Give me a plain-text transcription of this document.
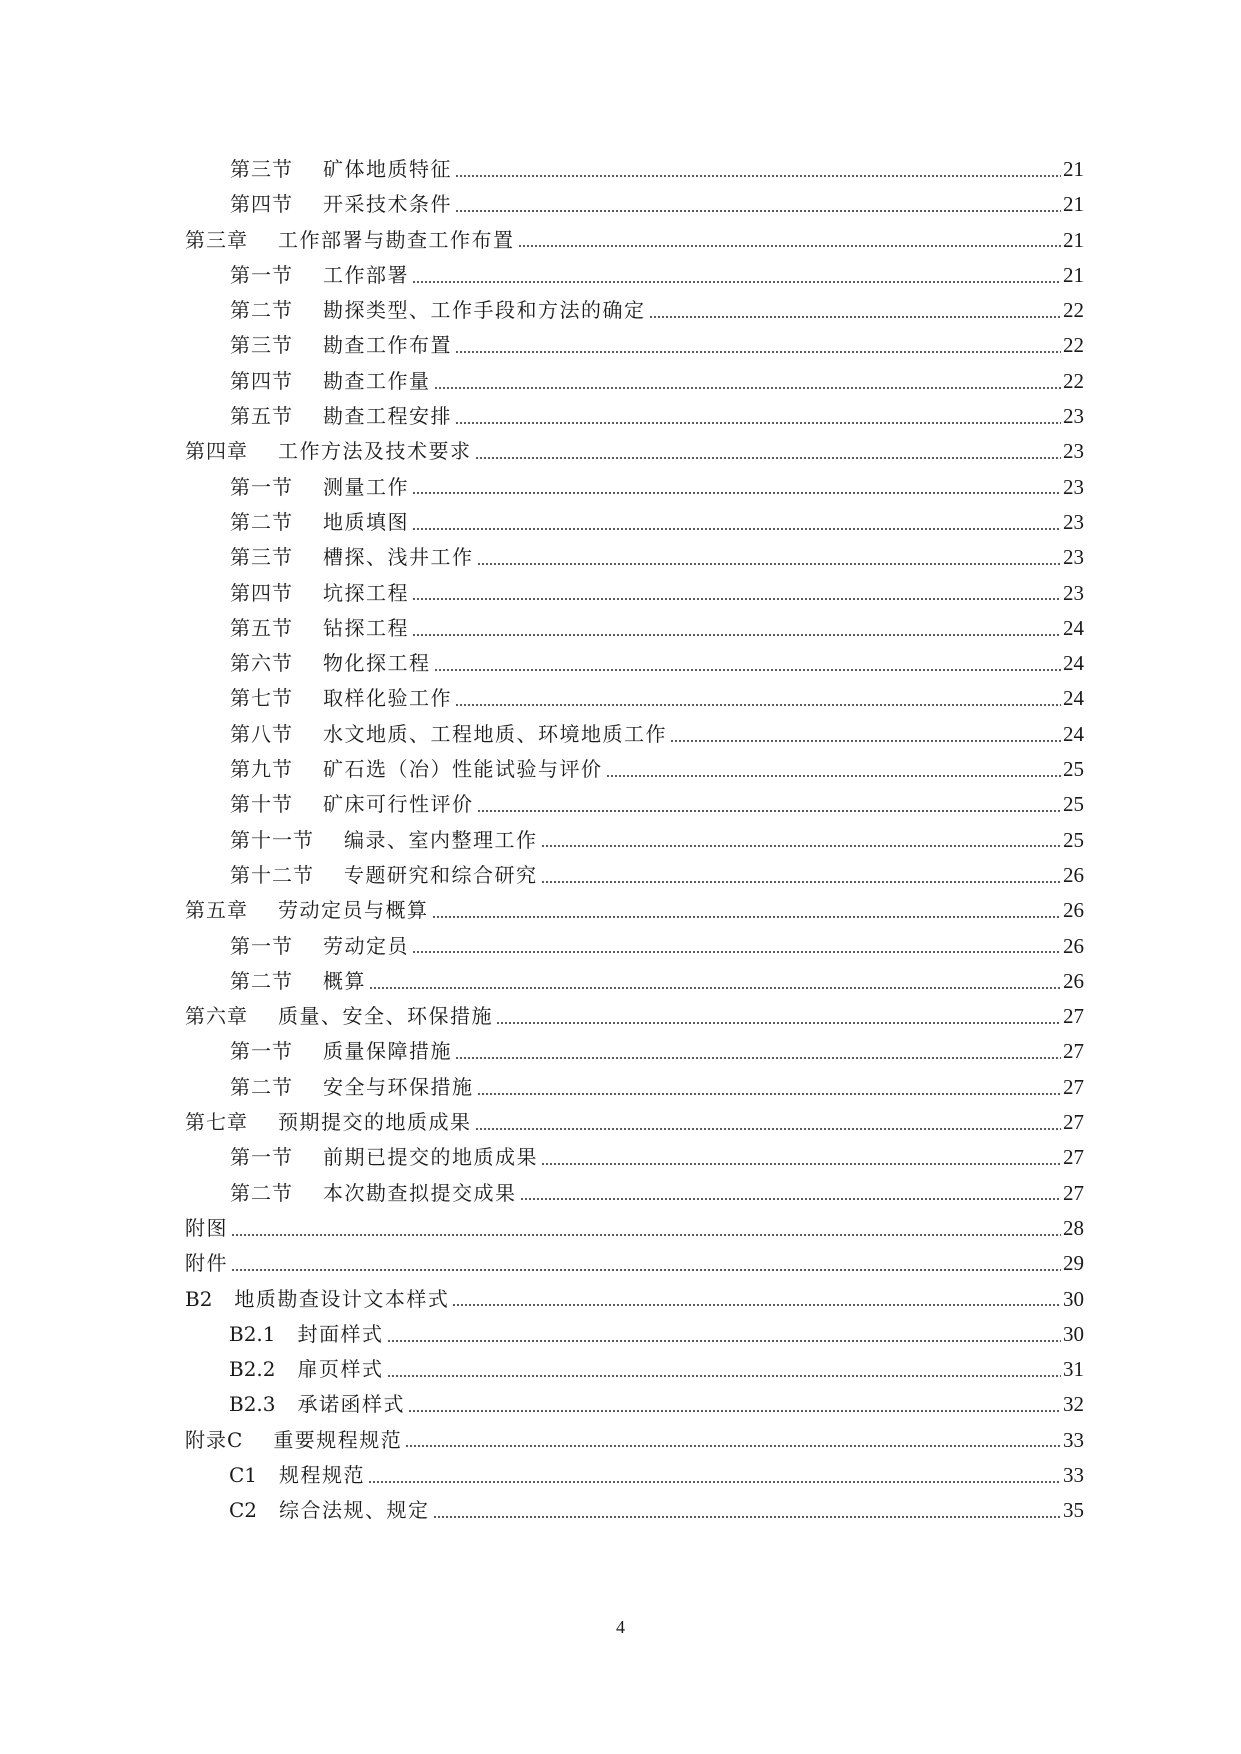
第三节 矿体地质特征	21
第四节 开采技术条件	21
第三章 工作部署与勘查工作布置	21
第一节 工作部署	21
第二节 勘探类型、工作手段和方法的确定	22
第三节 勘查工作布置	22
第四节 勘查工作量	22
第五节 勘查工程安排	23
第四章 工作方法及技术要求	23
第一节 测量工作	23
第二节 地质填图	23
第三节 槽探、浅井工作	23
第四节 坑探工程	23
第五节 钻探工程	24
第六节 物化探工程	24
第七节 取样化验工作	24
第八节 水文地质、工程地质、环境地质工作	24
第九节 矿石选（冶）性能试验与评价	25
第十节 矿床可行性评价	25
第十一节 编录、室内整理工作	25
第十二节 专题研究和综合研究	26
第五章 劳动定员与概算	26
第一节 劳动定员	26
第二节 概算	26
第六章 质量、安全、环保措施	27
第一节 质量保障措施	27
第二节 安全与环保措施	27
第七章 预期提交的地质成果	27
第一节 前期已提交的地质成果	27
第二节 本次勘查拟提交成果	27
附图	28
附件	29
B2 地质勘查设计文本样式	30
B2.1 封面样式	30
B2.2 扉页样式	31
B2.3 承诺函样式	32
附录C 重要规程规范	33
C1 规程规范	33
C2 综合法规、规定	35
4
